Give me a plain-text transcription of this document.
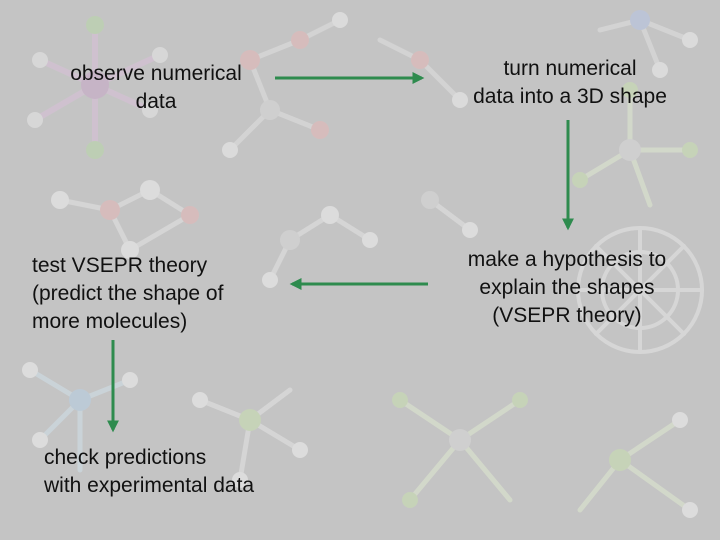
observe numerical
data
turn numerical
data into a 3D shape
make a hypothesis to
explain the shapes
(VSEPR theory)
test VSEPR theory
(predict the shape of
more molecules)
check predictions
with experimental data
